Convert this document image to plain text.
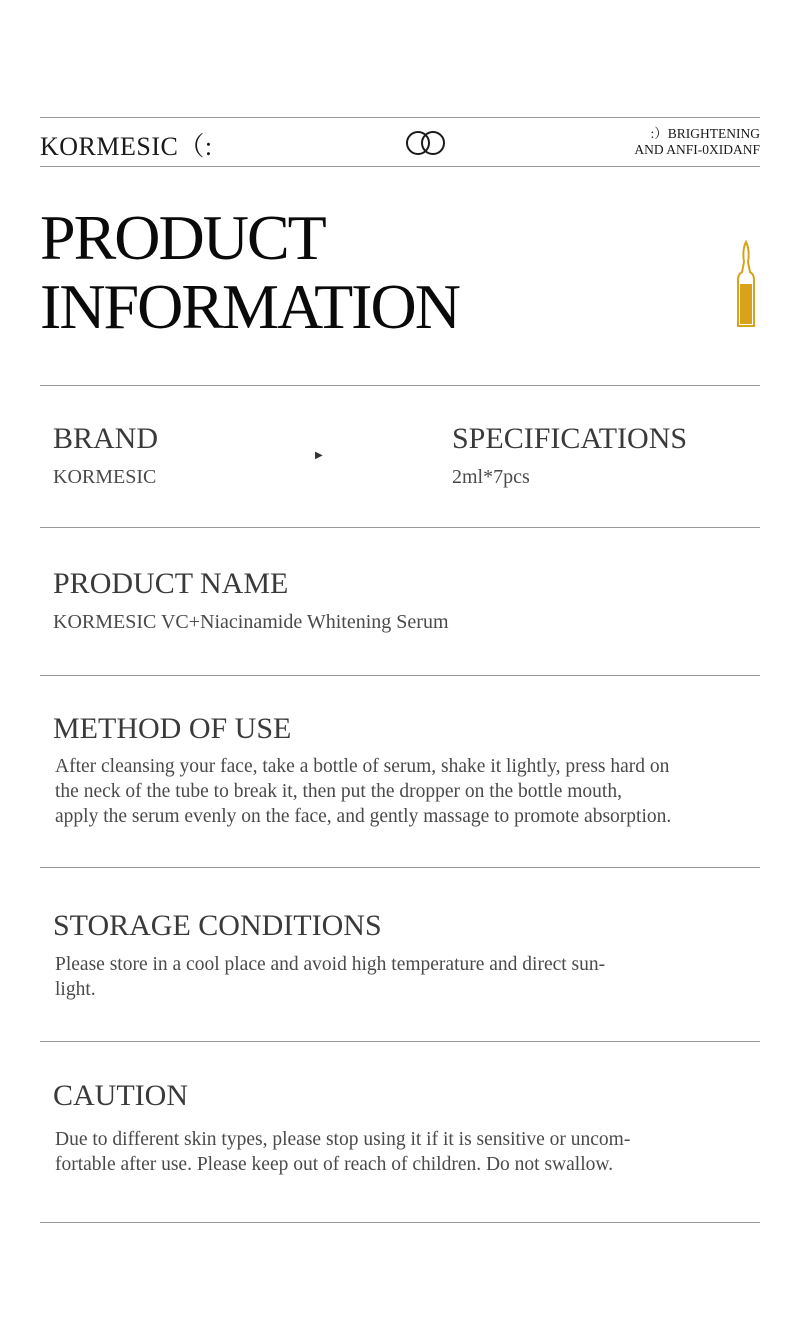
KORMESIC（:	:）BRIGHTENING
AND ANFI-0XIDANF
PRODUCT
INFORMATION
BRAND
KORMESIC
▶
SPECIFICATIONS
2ml*7pcs
PRODUCT NAME
KORMESIC VC+Niacinamide Whitening Serum
METHOD OF USE
After cleansing your face, take a bottle of serum, shake it lightly, press hard on
the neck of the tube to break it, then put the dropper on the bottle mouth,
apply the serum evenly on the face, and gently massage to promote absorption.
STORAGE CONDITIONS
Please store in a cool place and avoid high temperature and direct sun-
light.
CAUTION
Due to different skin types, please stop using it if it is sensitive or uncom-
fortable after use. Please keep out of reach of children. Do not swallow.
